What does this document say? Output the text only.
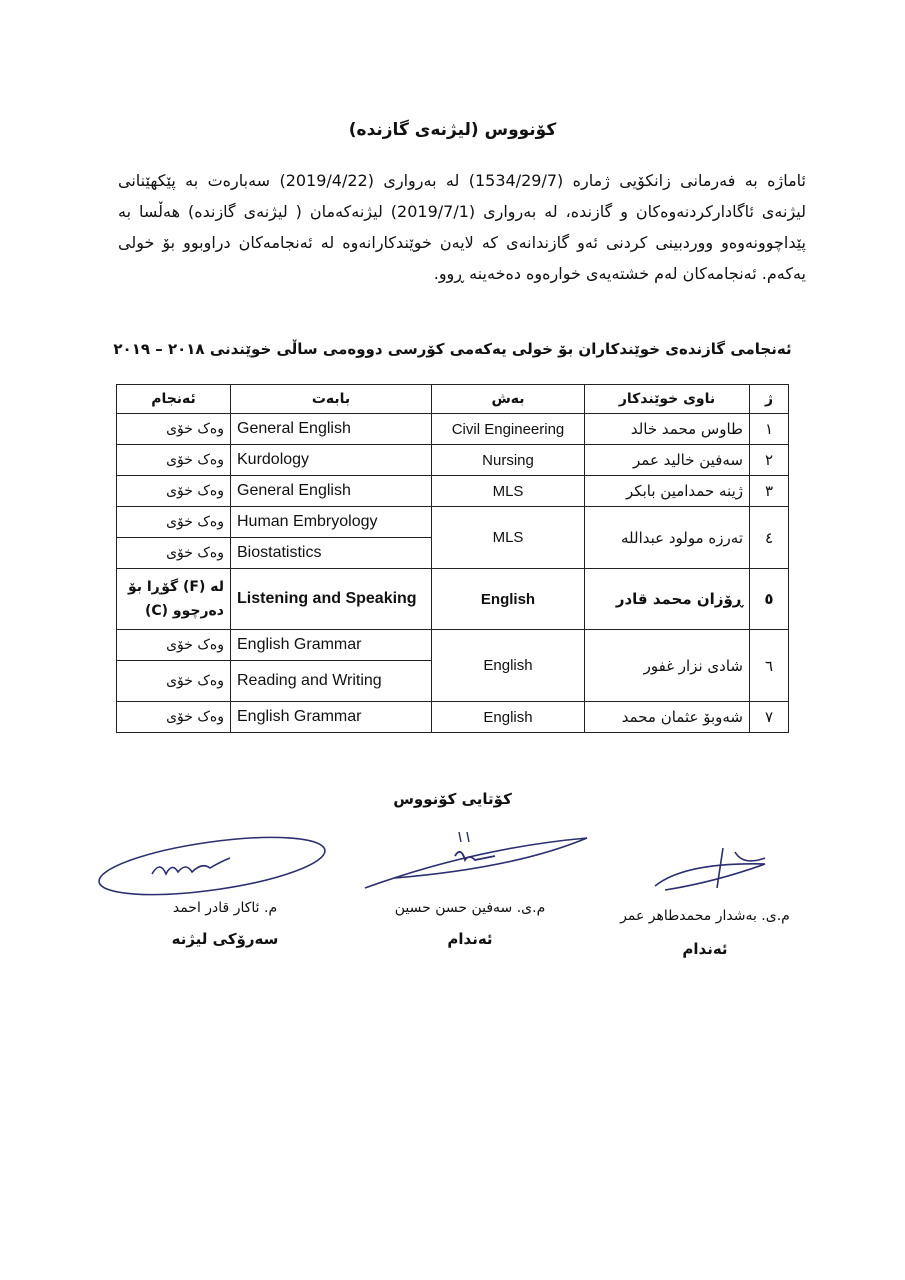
کۆنووس (لیژنەی گازندە)

ئاماژە بە فەرمانی زانکۆیی ژمارە (1534/29/7) لە بەرواری (2019/4/22) سەبارەت بە پێکهێنانی لیژنەی ئاگادارکردنەوەکان و گازندە، لە بەرواری (2019/7/1) لیژنەکەمان ( لیژنەی گازندە) هەڵسا بە پێداچوونەوەو ووردبینی کردنی ئەو گازندانەی کە لایەن خوێندکارانەوە لە ئەنجامەکان دراوبوو بۆ خولی یەکەم. ئەنجامەکان لەم خشتەیەی خوارەوە دەخەینە ڕوو.

ئەنجامی گازندەی خوێندکاران بۆ خولی یەکەمی کۆرسی دووەمی ساڵی خوێندنی ٢٠١٨ – ٢٠١٩
ژ	ناوی خوێندکار	بەش	بابەت	ئەنجام
١	طاوس محمد خالد	Civil Engineering	General English	وەک خۆی
٢	سەفین خالید عمر	Nursing	Kurdology	وەک خۆی
٣	ژینە حمدامین بابکر	MLS	General English	وەک خۆی
٤	تەرزە مولود عبداللە	MLS	Human Embryology	وەک خۆی
			Biostatistics	وەک خۆی
٥	ڕۆزان محمد قادر	English	Listening and Speaking	لە (F) گۆڕا بۆ
دەرچوو (C)

٦	شادی نزار غفور	English	English Grammar	وەک خۆی
			Reading and Writing	وەک خۆی
٧	شەوبۆ عثمان محمد	English	English Grammar	وەک خۆی
کۆتایی کۆنووس
م. ئاکار قادر احمد
سەرۆکی لیژنە
م.ی. سەفین حسن حسین
ئەندام
م.ی. بەشدار محمدطاهر عمر
ئەندام
